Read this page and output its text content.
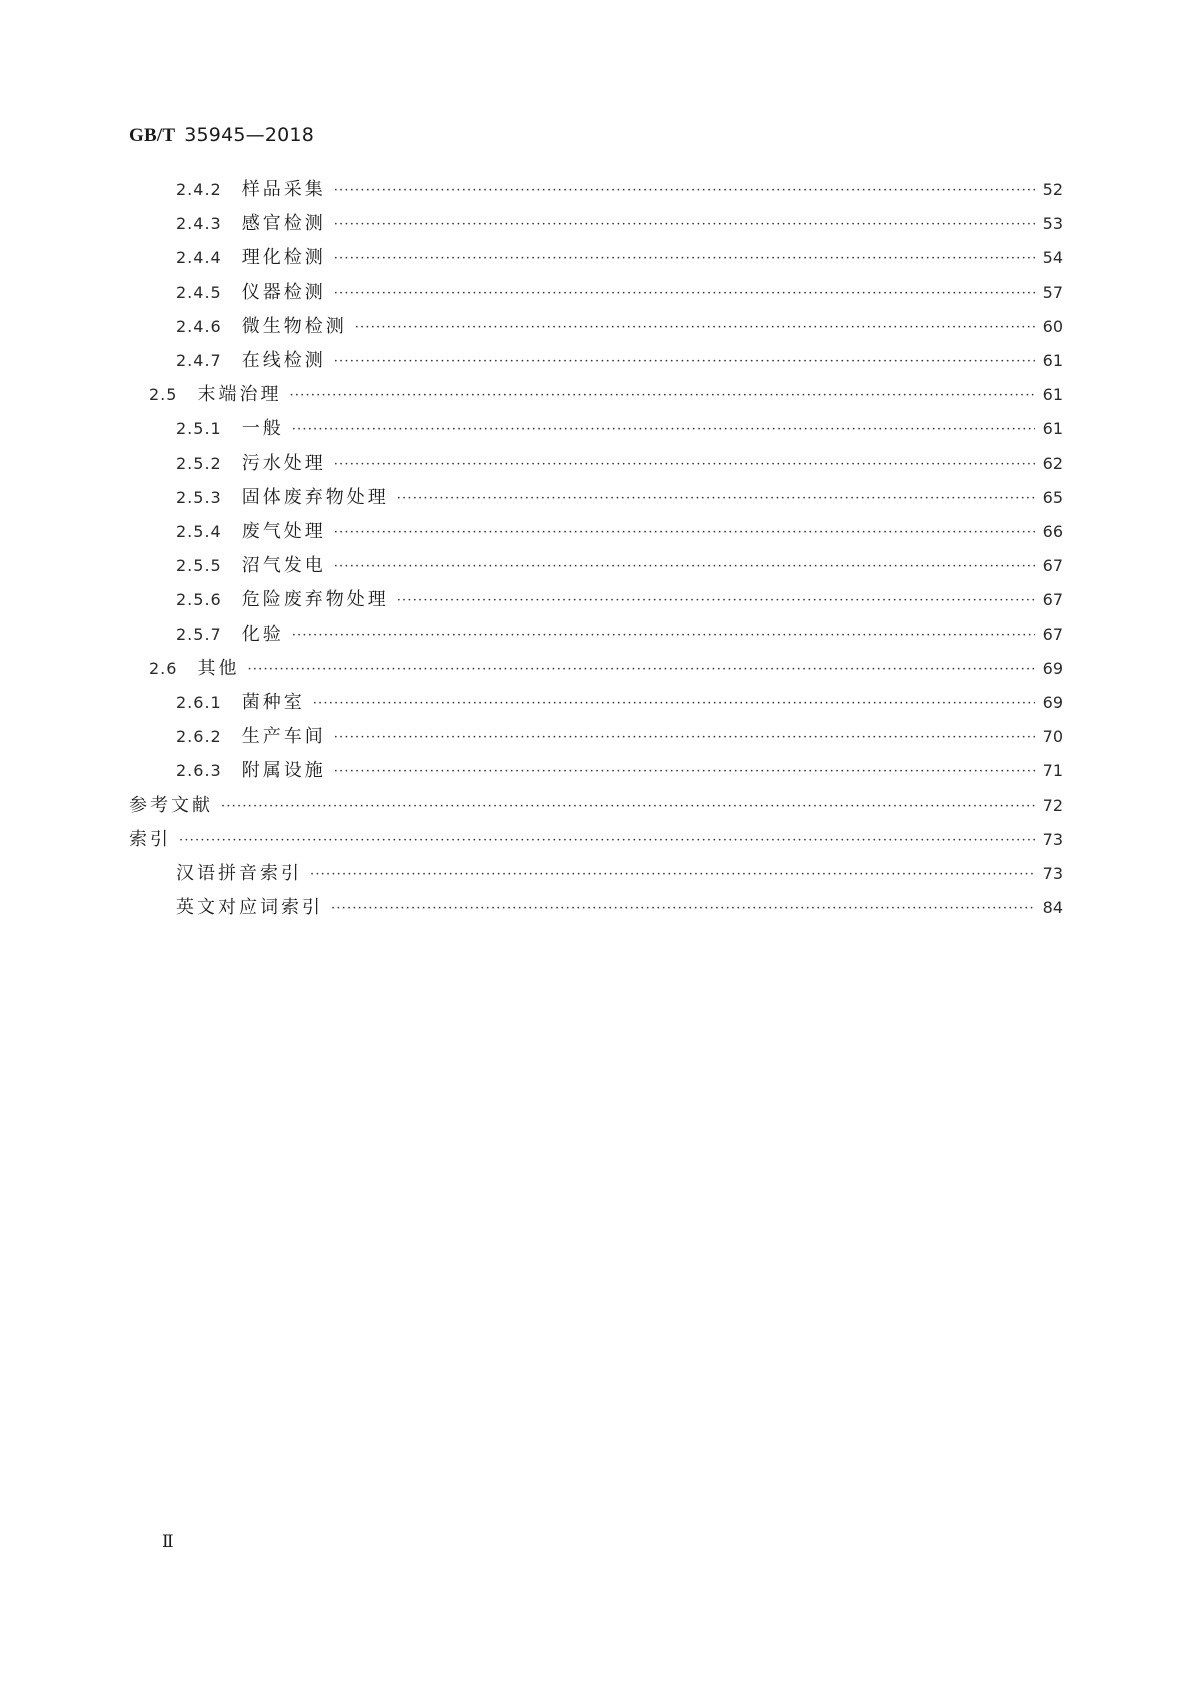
GB/T 35945—2018
2.4.2 样品采集 ·····	52
2.4.3 感官检测 ·····	53
2.4.4 理化检测 ·····	54
2.4.5 仪器检测 ·····	57
2.4.6 微生物检测 ·····	60
2.4.7 在线检测 ·····	61
2.5 末端治理 ·····	61
2.5.1 一般 ·····	61
2.5.2 污水处理 ·····	62
2.5.3 固体废弃物处理 ·····	65
2.5.4 废气处理 ·····	66
2.5.5 沼气发电 ·····	67
2.5.6 危险废弃物处理 ·····	67
2.5.7 化验 ·····	67
2.6 其他 ·····	69
2.6.1 菌种室 ·····	69
2.6.2 生产车间 ·····	70
2.6.3 附属设施 ·····	71
参考文献 ·····	72
索引 ·····	73
汉语拼音索引 ·····	73
英文对应词索引 ·····	84
Ⅱ
